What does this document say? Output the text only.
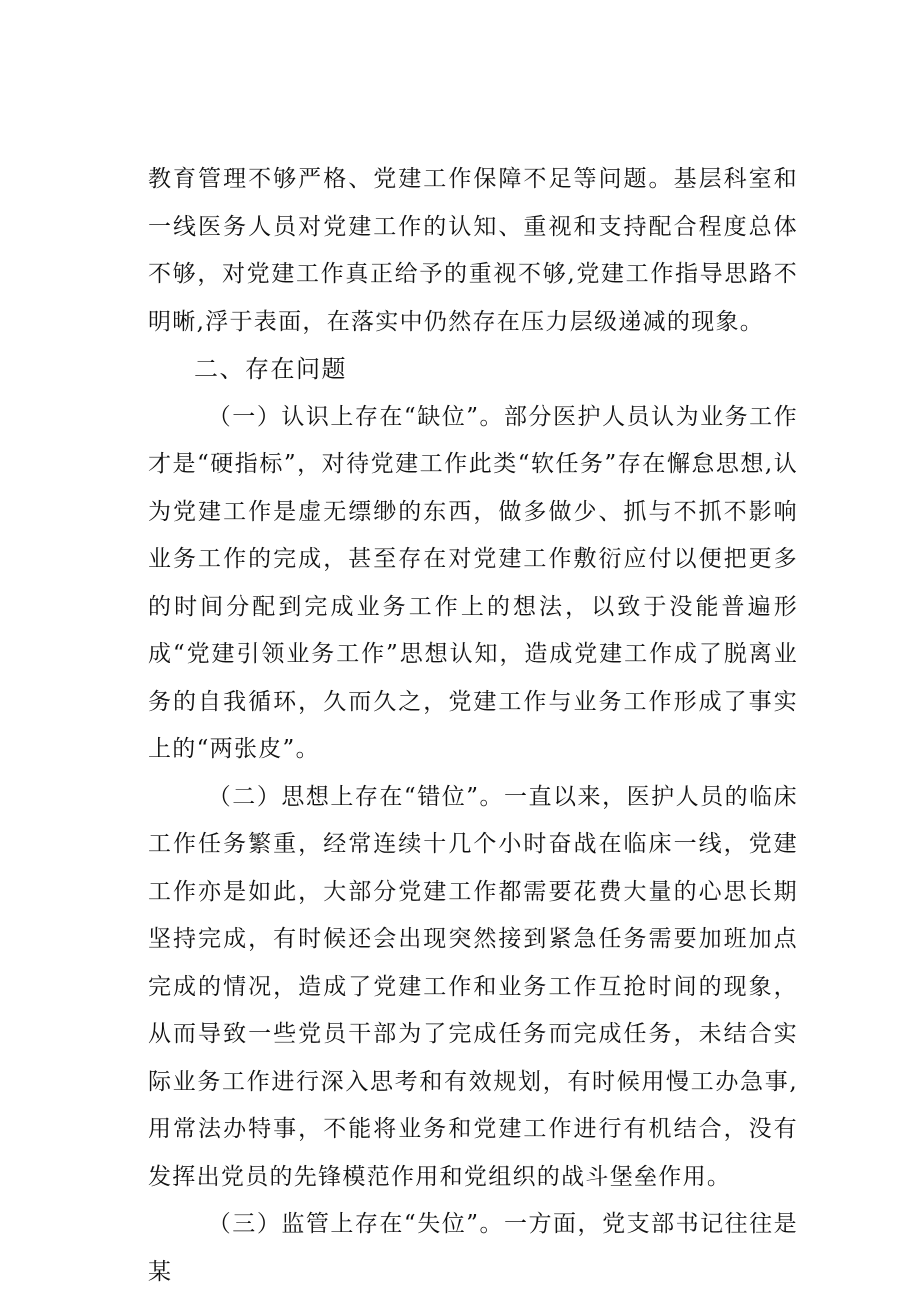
教育管理不够严格、党建工作保障不足等问题。基层科室和一线医务人员对党建工作的认知、重视和支持配合程度总体不够，对党建工作真正给予的重视不够,党建工作指导思路不明晰,浮于表面，在落实中仍然存在压力层级递减的现象。

二、存在问题

（一）认识上存在“缺位”。部分医护人员认为业务工作才是“硬指标”，对待党建工作此类“软任务”存在懈怠思想,认为党建工作是虚无缥缈的东西，做多做少、抓与不抓不影响业务工作的完成，甚至存在对党建工作敷衍应付以便把更多的时间分配到完成业务工作上的想法，以致于没能普遍形成“党建引领业务工作”思想认知，造成党建工作成了脱离业务的自我循环，久而久之，党建工作与业务工作形成了事实上的“两张皮”。

（二）思想上存在“错位”。一直以来，医护人员的临床工作任务繁重，经常连续十几个小时奋战在临床一线，党建工作亦是如此，大部分党建工作都需要花费大量的心思长期坚持完成，有时候还会出现突然接到紧急任务需要加班加点完成的情况，造成了党建工作和业务工作互抢时间的现象，从而导致一些党员干部为了完成任务而完成任务，未结合实际业务工作进行深入思考和有效规划，有时候用慢工办急事,用常法办特事，不能将业务和党建工作进行有机结合，没有发挥出党员的先锋模范作用和党组织的战斗堡垒作用。

（三）监管上存在“失位”。一方面，党支部书记往往是某
